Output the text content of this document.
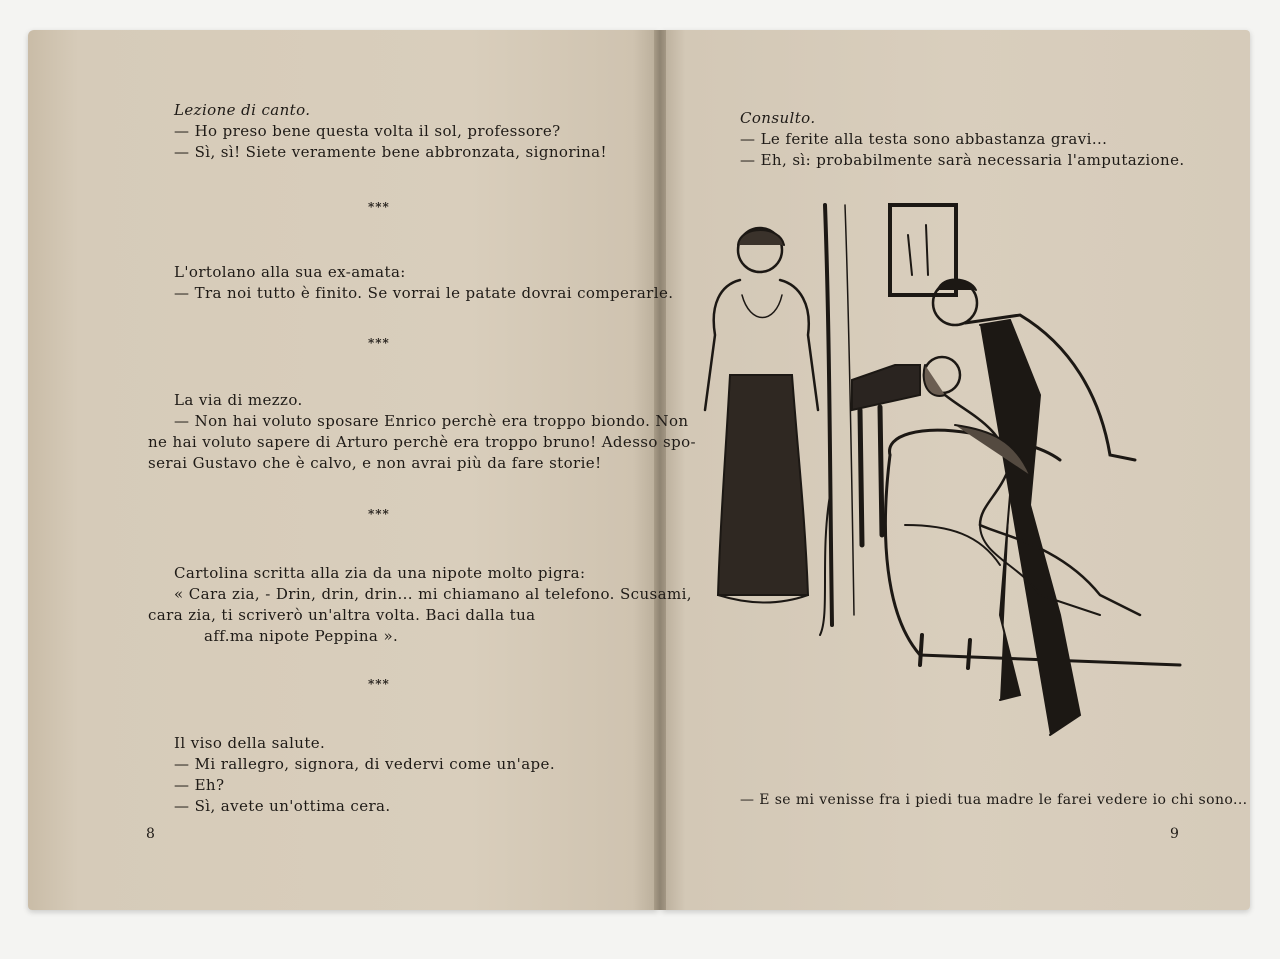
Lezione di canto.
— Ho preso bene questa volta il sol, professore?
— Sì, sì! Siete veramente bene abbronzata, signorina!
***
L'ortolano alla sua ex-amata:
— Tra noi tutto è finito. Se vorrai le patate dovrai comperarle.
***
La via di mezzo.
— Non hai voluto sposare Enrico perchè era troppo biondo. Non
ne hai voluto sapere di Arturo perchè era troppo bruno! Adesso spo-
serai Gustavo che è calvo, e non avrai più da fare storie!
***
Cartolina scritta alla zia da una nipote molto pigra:
« Cara zia, - Drin, drin, drin... mi chiamano al telefono. Scusami,
cara zia, ti scriverò un'altra volta. Baci dalla tua
aff.ma nipote Peppina ».
***
Il viso della salute.
— Mi rallegro, signora, di vedervi come un'ape.
— Eh?
— Sì, avete un'ottima cera.
8
Consulto.
— Le ferite alla testa sono abbastanza gravi...
— Eh, sì: probabilmente sarà necessaria l'amputazione.
— E se mi venisse fra i piedi tua madre le farei vedere io chi sono...
9
